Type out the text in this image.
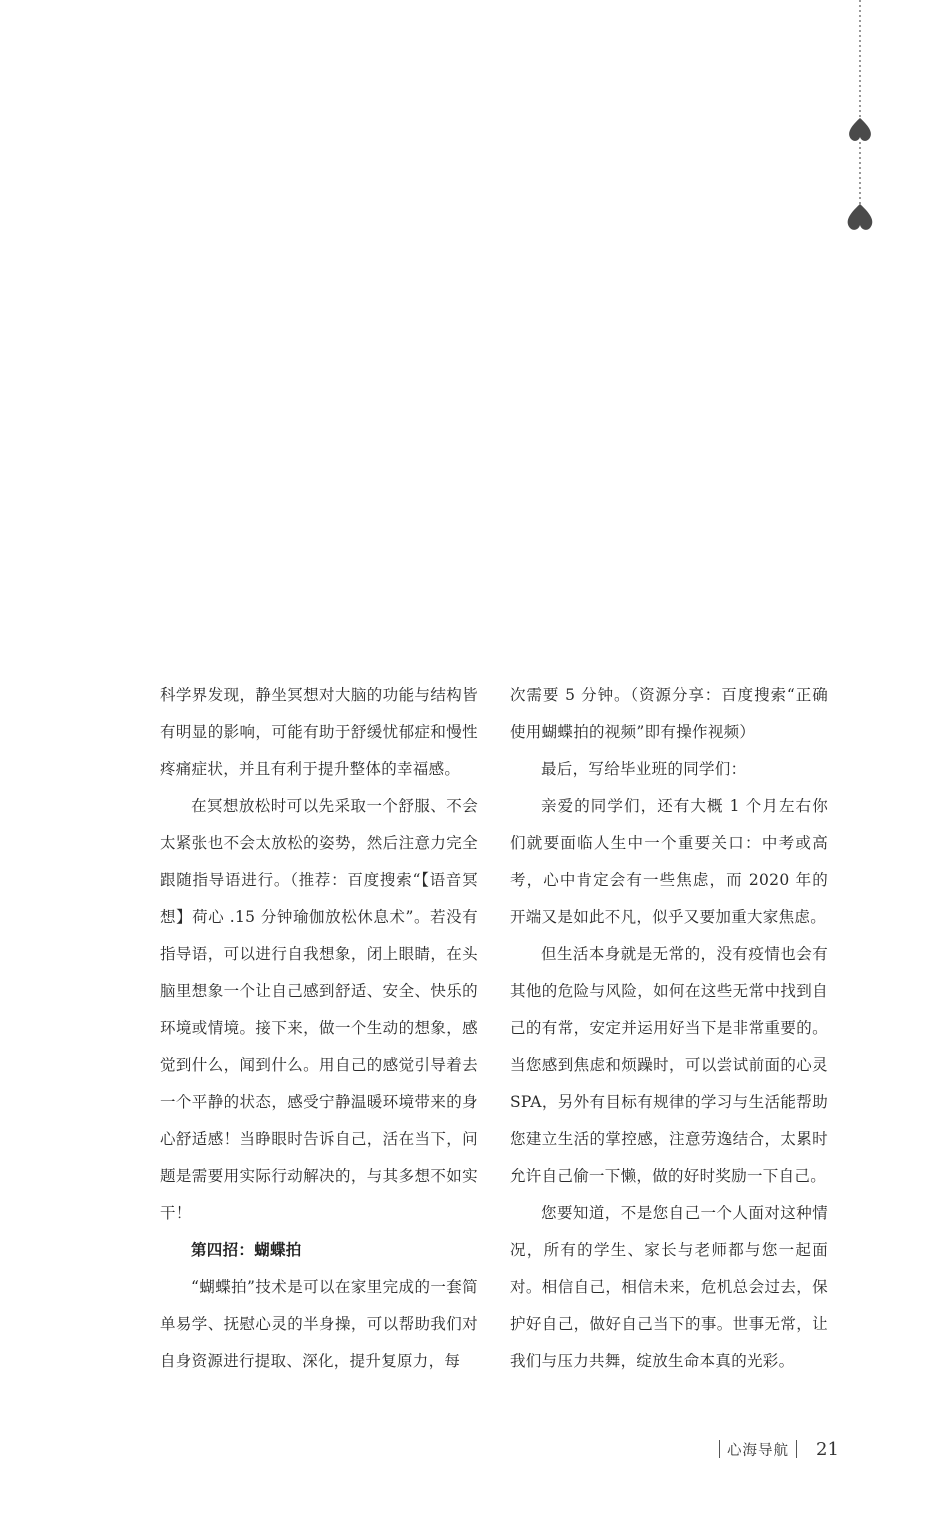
科学界发现，静坐冥想对大脑的功能与结构皆有明显的影响，可能有助于舒缓忧郁症和慢性疼痛症状，并且有利于提升整体的幸福感。

在冥想放松时可以先采取一个舒服、不会太紧张也不会太放松的姿势，然后注意力完全跟随指导语进行。（推荐：百度搜索“【语音冥想】荷心 .15 分钟瑜伽放松休息术”。若没有指导语，可以进行自我想象，闭上眼睛，在头脑里想象一个让自己感到舒适、安全、快乐的环境或情境。接下来，做一个生动的想象，感觉到什么，闻到什么。用自己的感觉引导着去一个平静的状态，感受宁静温暖环境带来的身心舒适感！当睁眼时告诉自己，活在当下，问题是需要用实际行动解决的，与其多想不如实干！

第四招：蝴蝶拍

“蝴蝶拍”技术是可以在家里完成的一套简单易学、抚慰心灵的半身操，可以帮助我们对自身资源进行提取、深化，提升复原力，每

次需要 5 分钟。（资源分享：百度搜索“正确使用蝴蝶拍的视频”即有操作视频）

最后，写给毕业班的同学们：

亲爱的同学们，还有大概 1 个月左右你们就要面临人生中一个重要关口：中考或高考，心中肯定会有一些焦虑，而 2020 年的开端又是如此不凡，似乎又要加重大家焦虑。

但生活本身就是无常的，没有疫情也会有其他的危险与风险，如何在这些无常中找到自己的有常，安定并运用好当下是非常重要的。当您感到焦虑和烦躁时，可以尝试前面的心灵 SPA，另外有目标有规律的学习与生活能帮助您建立生活的掌控感，注意劳逸结合，太累时允许自己偷一下懒，做的好时奖励一下自己。

您要知道，不是您自己一个人面对这种情况，所有的学生、家长与老师都与您一起面对。相信自己，相信未来，危机总会过去，保护好自己，做好自己当下的事。世事无常，让我们与压力共舞，绽放生命本真的光彩。

心海导航 21
